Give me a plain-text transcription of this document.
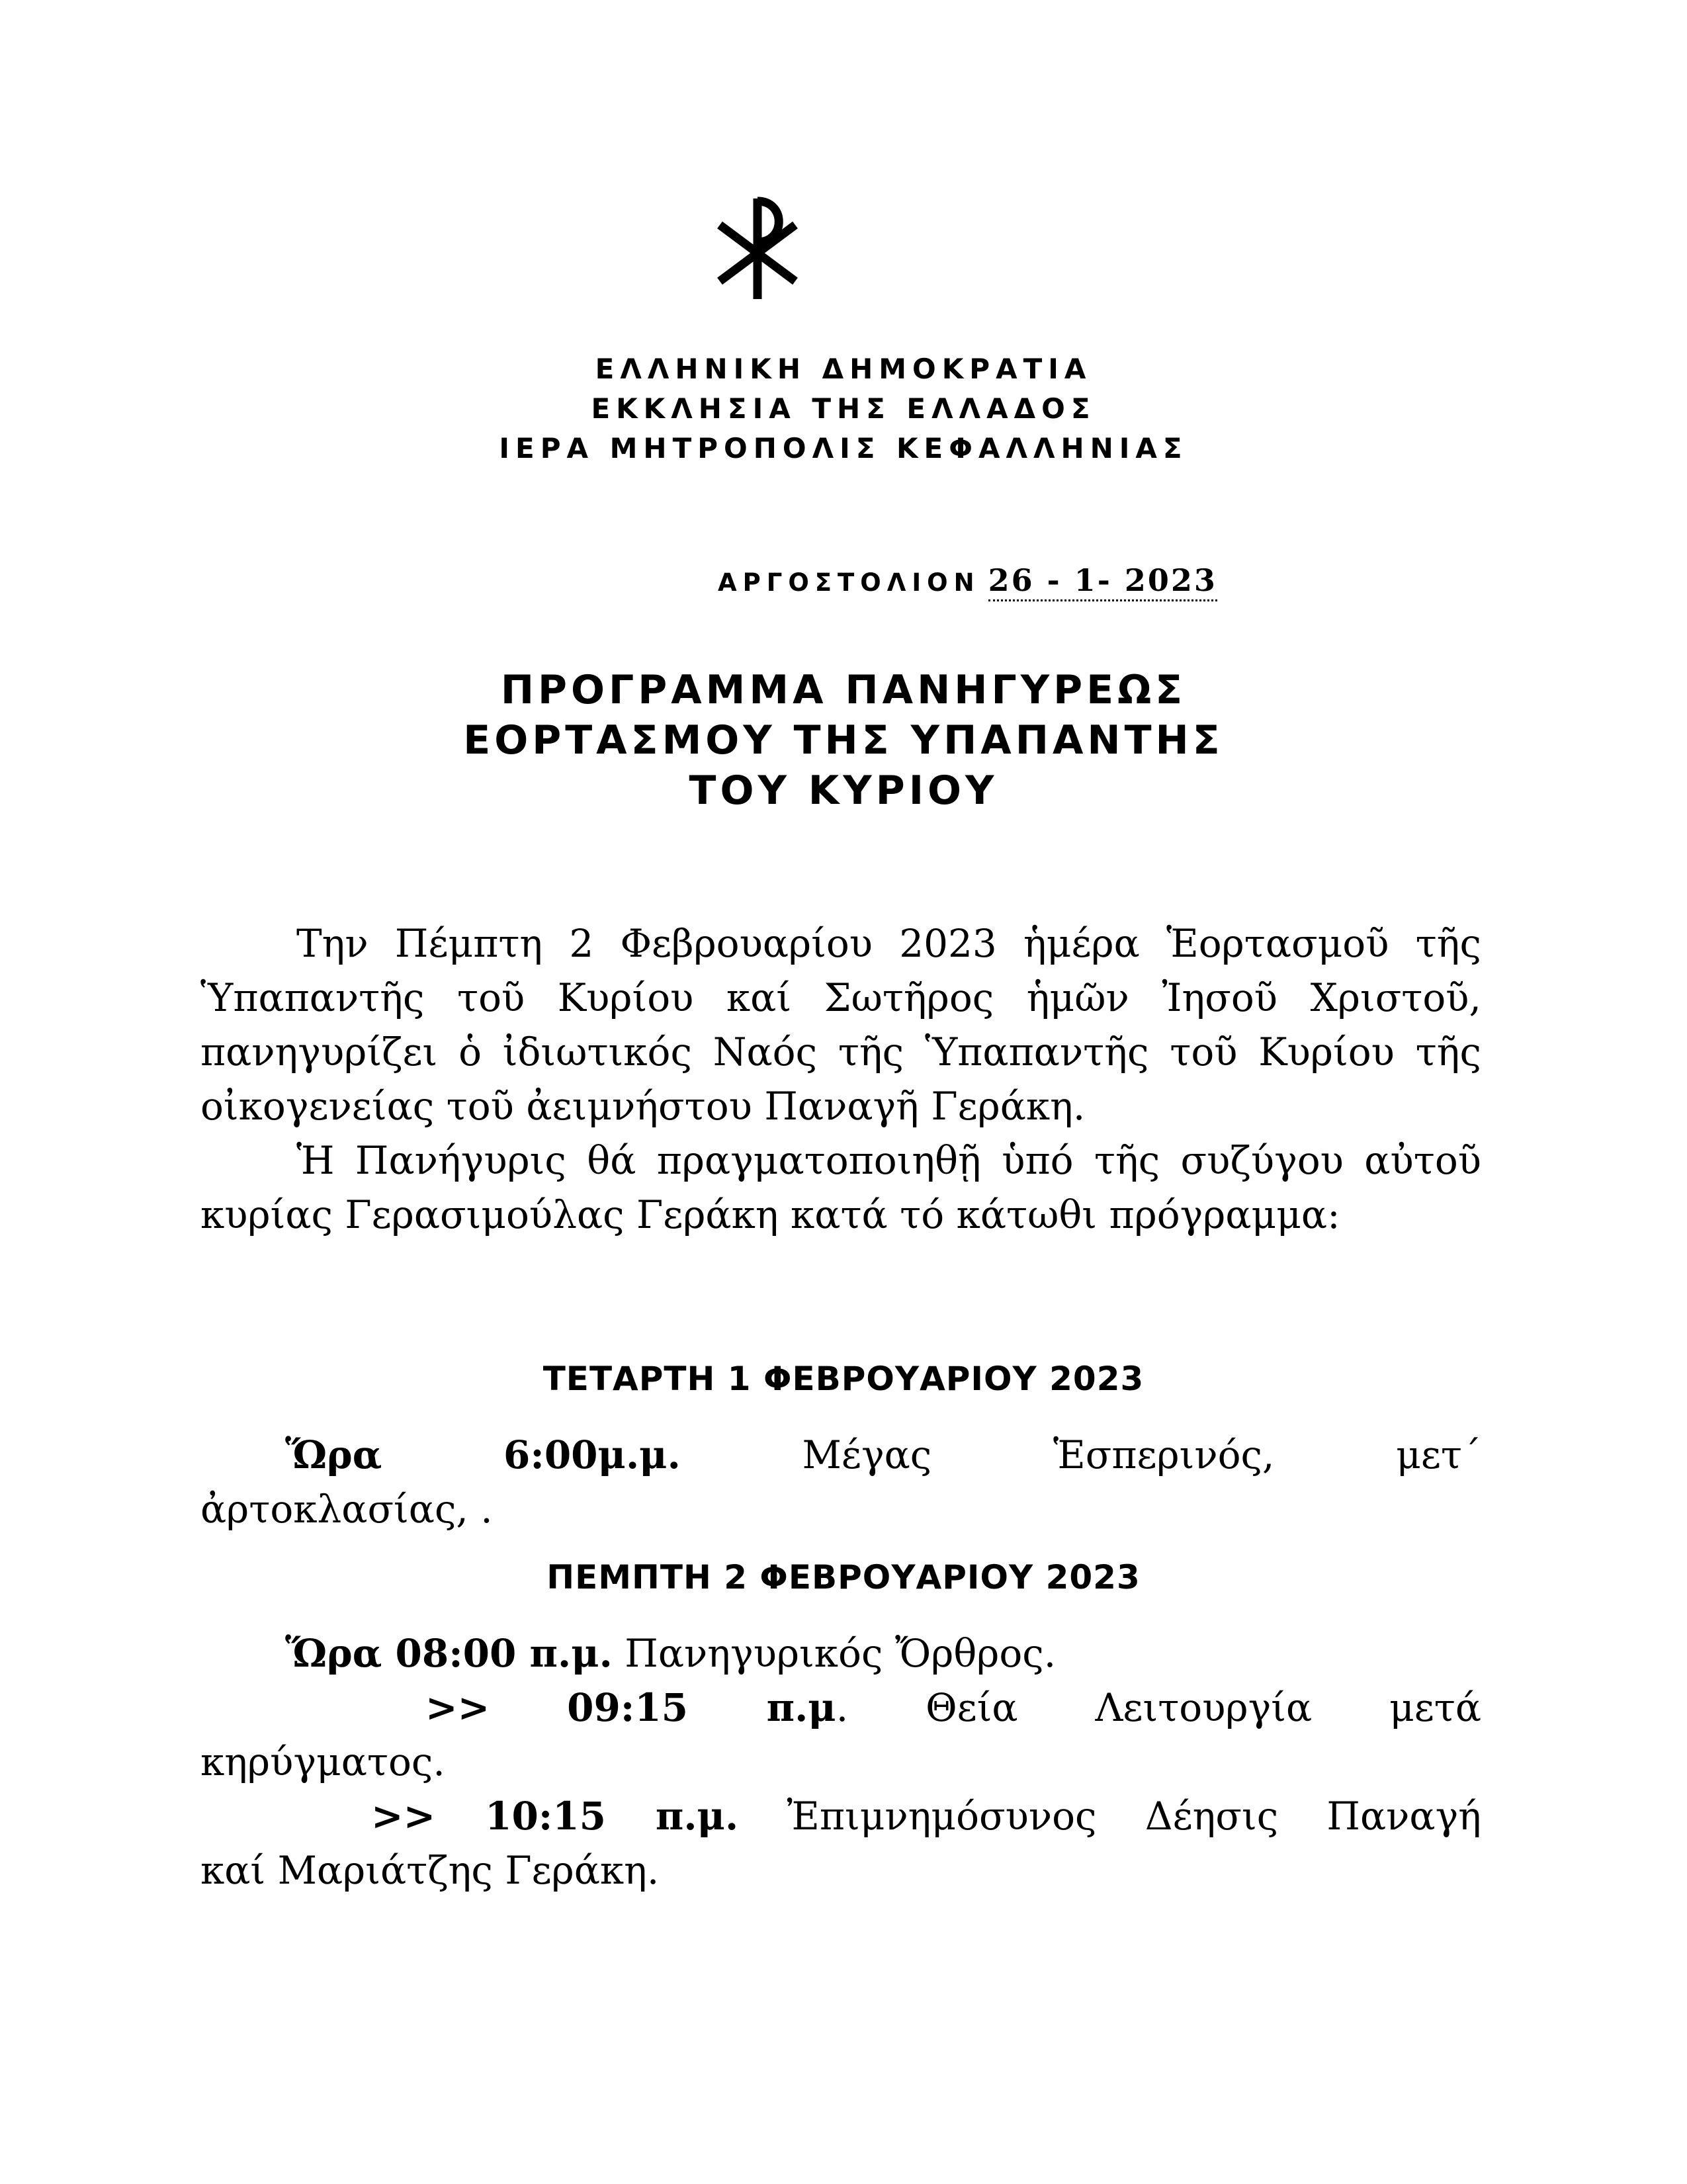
ΕΛΛΗΝΙΚΗ ΔΗΜΟΚΡΑΤΙΑ
ΕΚΚΛΗΣΙΑ ΤΗΣ ΕΛΛΑΔΟΣ
ΙΕΡΑ ΜΗΤΡΟΠΟΛΙΣ ΚΕΦΑΛΛΗΝΙΑΣ
ΑΡΓΟΣΤΟΛΙΟΝ 26 - 1- 2023
ΠΡΟΓΡΑΜΜΑ ΠΑΝΗΓΥΡΕΩΣ
ΕΟΡΤΑΣΜΟΥ ΤΗΣ ΥΠΑΠΑΝΤΗΣ
ΤΟΥ ΚΥΡΙΟΥ

Την Πέμπτη 2 Φεβρουαρίου 2023 ἡμέρα Ἑορτασμοῦ τῆς Ὑπαπαντῆς τοῦ Κυρίου καί Σωτῆρος ἡμῶν Ἰησοῦ Χριστοῦ, πανηγυρίζει ὁ ἰδιωτικός Ναός τῆς Ὑπαπαντῆς τοῦ Κυρίου τῆς οἰκογενείας τοῦ ἀειμνήστου Παναγῆ Γεράκη.

Ἡ Πανήγυρις θά πραγματοποιηθῇ ὑπό τῆς συζύγου αὐτοῦ κυρίας Γερασιμούλας Γεράκη κατά τό κάτωθι πρόγραμμα:

ΤΕΤΑΡΤΗ 1 ΦΕΒΡΟΥΑΡΙΟΥ 2023
Ὥρα	6:00μ.μ.	Μέγας	Ἑσπερινός,	μετ΄
ἀρτοκλασίας, .
ΠΕΜΠΤΗ 2 ΦΕΒΡΟΥΑΡΙΟΥ 2023
Ὥρα 08:00 π.μ. Πανηγυρικός Ὄρθρος.
>> 09:15 π.μ. Θεία Λειτουργία μετά
κηρύγματος.
>> 10:15 π.μ. Ἐπιμνημόσυνος Δέησις Παναγή
καί Μαριάτζης Γεράκη.
